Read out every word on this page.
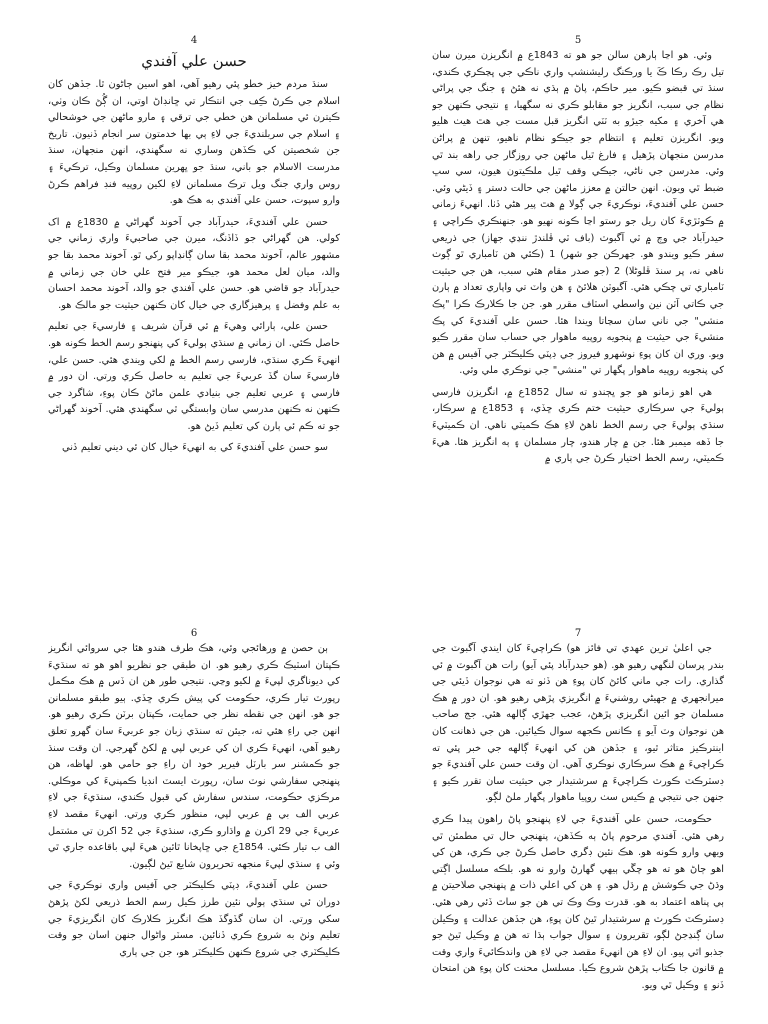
4
حسن علي آفندي

سنڌ مردم خيز خطو پئي رهيو آهي، اهو اسين ڄاڻون ٿا. جڏهن کان اسلام جي ڪرڻ ڪِف جي انتڪار تي ڇانڊاڻ اوتي، ان ڳُڻ ڪان وٺي، ڪيترن ئي مسلمانن هن خطي جي ترقي ۽ مارو ماڻهن جي خوشحالي ۽ اسلام جي سربلنديءَ جي لاءِ ٻي بها خدمتون سر انجام ڏنيون. تاريخ جن شخصيتن کي ڪڏهن وساري نه سگهندي، انهن منجهان، سنڌ مدرست الاسلام جو باني، سنڌ جو ڀهرين مسلمان وڪيل، ترڪيءَ ۽ روس واري جنگ ويل ترڪ مسلمانن لاءِ لکين روپيه فنڊ فراهم ڪرڻ وارو سپوت، حسن علي آفندي به هڪ هو.

حسن علي آفنديءَ، حيدرآباد جي آخوند گهراڻي ۾ 1830ع ۾ اک کولي. هن گهراڻي جو ڏاڏنگ، ميرن جي صاحبيءَ واري زماني جي مشهور عالم، آخوند محمد بقا سان ڳانڍاپو رکي ٿو. آخوند محمد بقا جو والد، ميان لعل محمد هو، جيڪو مير فتح علي خان جي زماني ۾ حيدرآباد جو قاضي هو. حسن علي آفندي جو والد، آخوند محمد احسان به علم وفضل ۽ پرهيزگاري جي خيال کان ڪنهن حيثيت جو مالڪ هو.

حسن علي، ٻارائي وهيءَ ۾ ئي قرآن شريف ۽ فارسيءَ جي تعليم حاصل ڪئي. ان زماني ۾ سنڌي ٻوليءَ کي پنهنجو رسم الخط ڪونه هو. انهيءَ ڪري سنڌي، فارسي رسم الخط ۾ لکي ويندي هئي. حسن علي، فارسيءَ سان گڏ عربيءَ جي تعليم به حاصل ڪري ورتي. ان دور ۾ فارسي ۽ عربي تعليم جي بنيادي علمن ماڻڻ ڪان پوءِ، شاگرد جي ڪنهن نه ڪنهن مدرسي سان وابستگي ٿي سگهندي هئي. آخوند گهراڻي جو ته ڪم ئي ٻارن کي تعليم ڏيڻ هو.

سو حسن علي آفنديءَ کي به انهيءَ خيال کان ئي ديني تعليم ڏني

5

وئي. هو اڃا ٻارهن سالن جو هو ته 1843ع ۾ انگريزن ميرن سان تيل رڪ رڪا ڪَ يا ورڪنگ رليشنشپ واري ناڪي جي ڀڃڪري ڪندي، سنڌ تي قبضو ڪيو. مير حاڪم، پاڻ ۾ ٻڌي نه هئڻ ۽ جنگ جي پراڻي نظام جي سبب، انگريز جو مقابلو ڪري نه سگهيا، ۽ نتيجي ڪنهن جو هي آخري ۽ مکيه جيڙو به ٽٽي انگريز قبل مست جي هٿ هيٺ هليو ويو. انگريزن تعليم ۽ انتظام جو جيڪو نظام ناهيو، تنهن ۾ پراڻن مدرسن منجهان پڙهيل ۽ فارغ ٿيل ماڻهن جي روزگار جي راهه بند ٿي وئي. مدرسن جي ناڻي، جيڪي وقف ٿيل ملڪيتون هيون، سي سڀ ضبط ٿي ويون. انهن حالتن ۾ معزز ماڻهن جي حالت دستر ۽ ڏيڻي وئي. حسن علي آفنديءَ، نوڪريءَ جي ڳولا ۾ هٿ پير هڻي ڏٺا. انهيءَ زماني ۾ ڪوٽڙيءَ کان ريل جو رستو اڃا ڪونه نهيو هو. جنهنڪري ڪراچي ۽ حيدرآباد جي وچ ۾ ٽي آگبوٽ (باف ٽي ڦلندڙ ننڍي جهاز) جي ذريعي سفر ڪيو ويندو هو. جهرڪن جو شهر) 1 (ڪئي هن ٽامباري ٿو ڳوٺ ناهي نه، پر سنڌ ڦلوڻلا) 2 (جو صدر مقام هئي سبب، هن جي حيثيت ٽامباري تي چڪي هئي. آگبوٽن هلائڻ ۽ هن واٽ تي واپاري تعداد ۾ ٻارن جي ڪاتي آٽن نين واسطي اسٽاف مقرر هو. جن جا ڪلارڪ ڪرا "پڪ منشي" جي ناني سان سڃاتا ويندا هئا. حسن علي آفنديءَ کي پڪ منشيءَ جي حيثيت ۾ پنجويه روپيه ماهوار جي حساب سان مقرر ڪيو ويو. وري ان کان پوءِ نوشهرو فيروز جي ڊپٽي ڪليڪٽر جي آفيس ۾ هن کي پنجويه روپيه ماهوار پگهار تي "منشي" جي نوڪري ملي وئي.

هي اهو زمانو هو جو ڀڄندو ته سال 1852ع ۾، انگريزن فارسي ٻوليءَ جي سرڪاري حيثيت ختم ڪري ڇڏي، ۽ 1853ع ۾ سرڪار، سنڌي ٻوليءَ جي رسم الخط ناهڻ لاءِ هڪ ڪميٽي ناهي. ان ڪميٽيءَ جا ڏهه ميمبر هئا. جن ۾ چار هندو، چار مسلمان ۽ ٻه انگريز هئا. هيءَ ڪميٽي، رسم الخط اختيار ڪرڻ جي ٻاري ۾

6

ٻن حصن ۾ ورهائجي وئي، هڪ طرف هندو هئا جي سروائي انگريز ڪپتان اسٽيڪ ڪري رهيو هو. ان طبقي جو نظريو اهو هو ته سنڌيءَ کي ديوناگري لپيءَ ۾ لکيو وڃي. نتيجي طور هن ان ڏس ۾ هڪ مڪمل رپورٽ تيار ڪري، حڪومت کي پيش ڪري ڇڏي. ٻيو طبقو مسلمانن جو هو. انهن جي نقطه نظر جي حمايت، ڪپتان برٽن ڪري رهيو هو. انهن جي راءِ هئي ته، جيئن ته سنڌي زبان جو عربيءَ سان گهرو تعلق رهيو آهي، انهيءَ ڪري ان کي عربي لپي ۾ لکڻ گهرجي. ان وقت سنڌ جو ڪمشنر سر بارٽل فيرير خود ان راءِ جو حامي هو. لهاظه، هن پنهنجي سفارشي نوٽ سان، رپورٽ ايسٽ انڊيا ڪمپنيءَ کي موڪلي. مرڪزي حڪومت، سندس سفارش کي قبول ڪندي، سنڌيءَ جي لاءِ عربي الف بي ۾ عربي لپي، منظور ڪري ورتي. انهيءَ مقصد لاءِ عربيءَ جي 29 اکرن ۾ واڌارو ڪري، سنڌيءَ جي 52 اکرن تي مشتمل الف ب تيار ڪئي. 1854ع جي ڇاپخانا ٿائين هيءَ لپي باقاعده جاري ٿي وئي ۽ سنڌي لپيءَ منجهه تحريرون شايع ٿيڻ لڳيون.

حسن علي آفنديءَ، ڊپٽي ڪليڪٽر جي آفيس واري نوڪريءَ جي دوران ئي سنڌي ٻولي نئين طرز ڪيل رسم الخط ذريعي لکڻ پڙهڻ سکي ورتي. ان سان گڏوگڏ هڪ انگريز ڪلارڪ کان انگريزيءَ جي تعليم وٺڻ به شروع ڪري ڏنائين. مسٽر واڻوال جنهن اسان جو وقت ڪليڪٽري جي شروع ڪنهن ڪليڪٽر هو، جن جي ٻاري

7

جي اعليٰ ترين عهدي تي فائز هو) ڪراچيءَ کان ايندي آگبوٽ جي بندر پرسان لنگهي رهيو هو. (هو حيدرآباد پئي آيو) رات هن آگبوٽ ۾ ئي گذاري. رات جي ماني کائڻ کان پوءِ هن ڏٺو ته هي نوجوان ڏيئي جي ميرانجهري ۾ جهيڻي روشنيءَ ۾ انگريزي پڙهي رهيو هو. ان دور ۾ هڪ مسلمان جو ائين انگريزي پڙهڻ، عجب جهڙي ڳالهه هئي. جج صاحب هن نوجوان وٽ آيو ۽ ڪانس ڪجهه سوال ڪيائين. هن جي ذهانت کان اينترڪيز متاثر ٿيو، ۽ جڏهن هن کي انهيءَ ڳالهه جي خبر پئي ته ڪراچيءَ ۾ هڪ سرڪاري نوڪري آهي. ان وقت حسن علي آفنديءَ جو ڊسٽرڪٽ ڪورٽ ڪراچيءَ ۾ سرشتيدار جي حيثيت سان تقرر ڪيو ۽ جنهن جي نتيجي ۾ ڪيس سٺ روپيا ماهوار پگهار ملڻ لڳو.

حڪومت، حسن علي آفنديءَ جي لاءِ پنهنجو پاڻ راهون پيدا ڪري رهي هئي. آفندي مرحوم پاڻ ٻه ڪڏهن، پنهنجي حال تي مطمئن ٿي ويهي وارو ڪونه هو. هڪ نئين ڊگري حاصل ڪرڻ جي ڪري، هن کي اهو ڄاڻ هو ته هو چڱي ٻيهي گهارڻ وارو نه هو. بلڪه مسلسل اڳتي وڌڻ جي ڪوشش ۾ رڌل هو. ۽ هن کي اعلي ذات ۾ پنهنجي صلاحيتن ۾ ٻي پناهه اعتماد به هو. قدرت وڪ وڪ تي هن جو ساٿ ڏئي رهي هئي. ڊسٽرڪٽ ڪورٽ ۾ سرشتيدار ٿيڻ کان پوءِ، هن جڏهن عدالت ۽ وڪيلن سان ڳنڍجڻ لڳو، تقريرون ۽ سوال جواب ٻڌا ته هن ۾ وڪيل ٿيڻ جو جذبو اٿي پيو. ان لاءِ هن انهيءَ مقصد جي لاءِ هن واندڪائيءَ واري وقت ۾ قانون جا ڪتاب پڙهڻ شروع ڪيا. مسلسل محنت کان پوءِ هن امتحان ڏنو ۽ وڪيل ٿي ويو.
